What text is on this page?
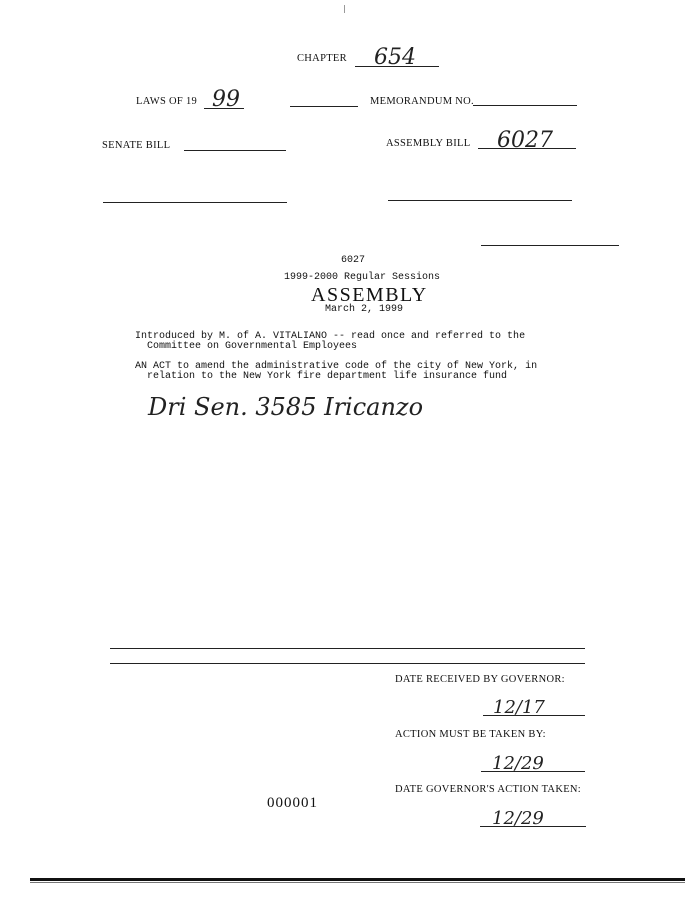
CHAPTER 654
LAWS OF 19 99	MEMORANDUM NO.
SENATE BILL	ASSEMBLY BILL 6027
6027
1999-2000 Regular Sessions
ASSEMBLY
March 2, 1999
Introduced by M. of A. VITALIANO -- read once and referred to the
Committee on Governmental Employees
AN ACT to amend the administrative code of the city of New York, in
relation to the New York fire department life insurance fund
Dri Sen. 3585 Iricanzo
DATE RECEIVED BY GOVERNOR:
12/17
ACTION MUST BE TAKEN BY:
12/29
000001
DATE GOVERNOR'S ACTION TAKEN:
12/29
